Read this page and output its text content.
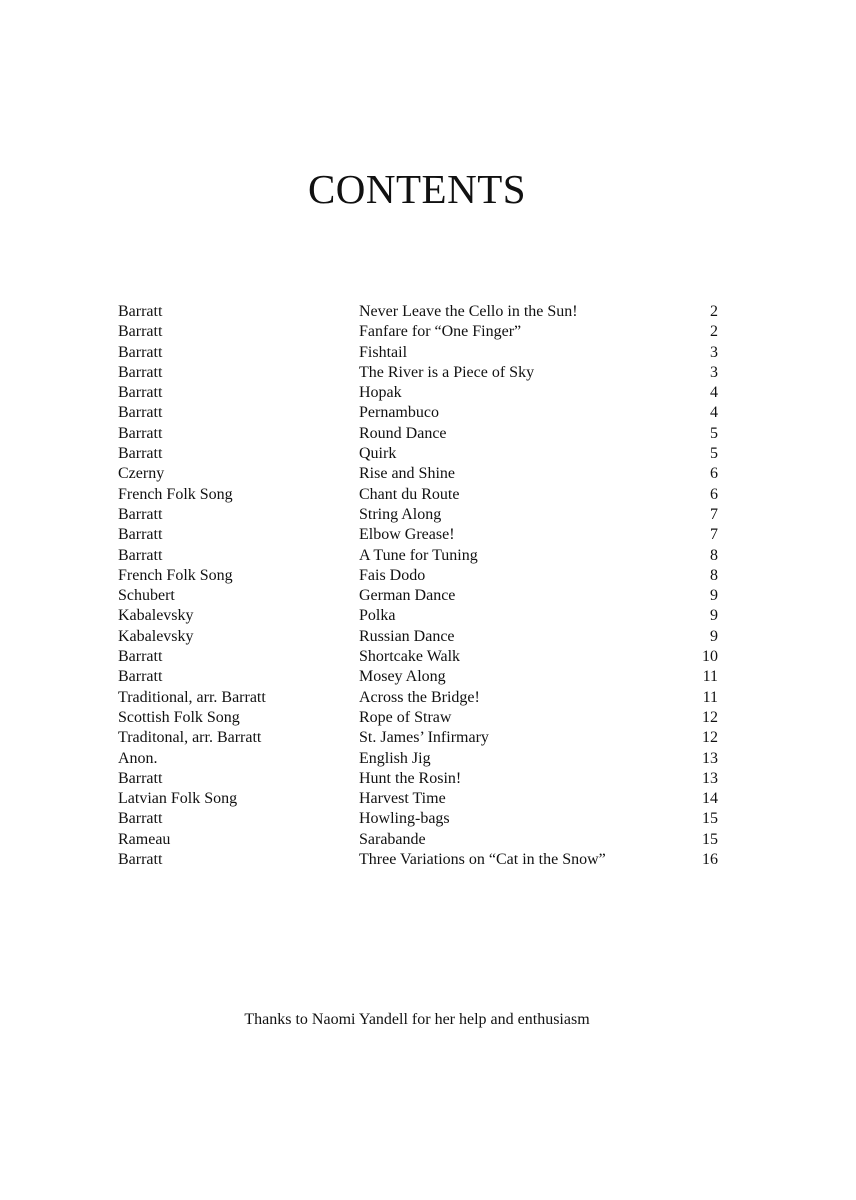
CONTENTS
Barratt	Never Leave the Cello in the Sun!	2
Barratt	Fanfare for “One Finger”	2
Barratt	Fishtail	3
Barratt	The River is a Piece of Sky	3
Barratt	Hopak	4
Barratt	Pernambuco	4
Barratt	Round Dance	5
Barratt	Quirk	5
Czerny	Rise and Shine	6
French Folk Song	Chant du Route	6
Barratt	String Along	7
Barratt	Elbow Grease!	7
Barratt	A Tune for Tuning	8
French Folk Song	Fais Dodo	8
Schubert	German Dance	9
Kabalevsky	Polka	9
Kabalevsky	Russian Dance	9
Barratt	Shortcake Walk	10
Barratt	Mosey Along	11
Traditional, arr. Barratt	Across the Bridge!	11
Scottish Folk Song	Rope of Straw	12
Traditonal, arr. Barratt	St. James’ Infirmary	12
Anon.	English Jig	13
Barratt	Hunt the Rosin!	13
Latvian Folk Song	Harvest Time	14
Barratt	Howling-bags	15
Rameau	Sarabande	15
Barratt	Three Variations on “Cat in the Snow”	16
Thanks to Naomi Yandell for her help and enthusiasm
